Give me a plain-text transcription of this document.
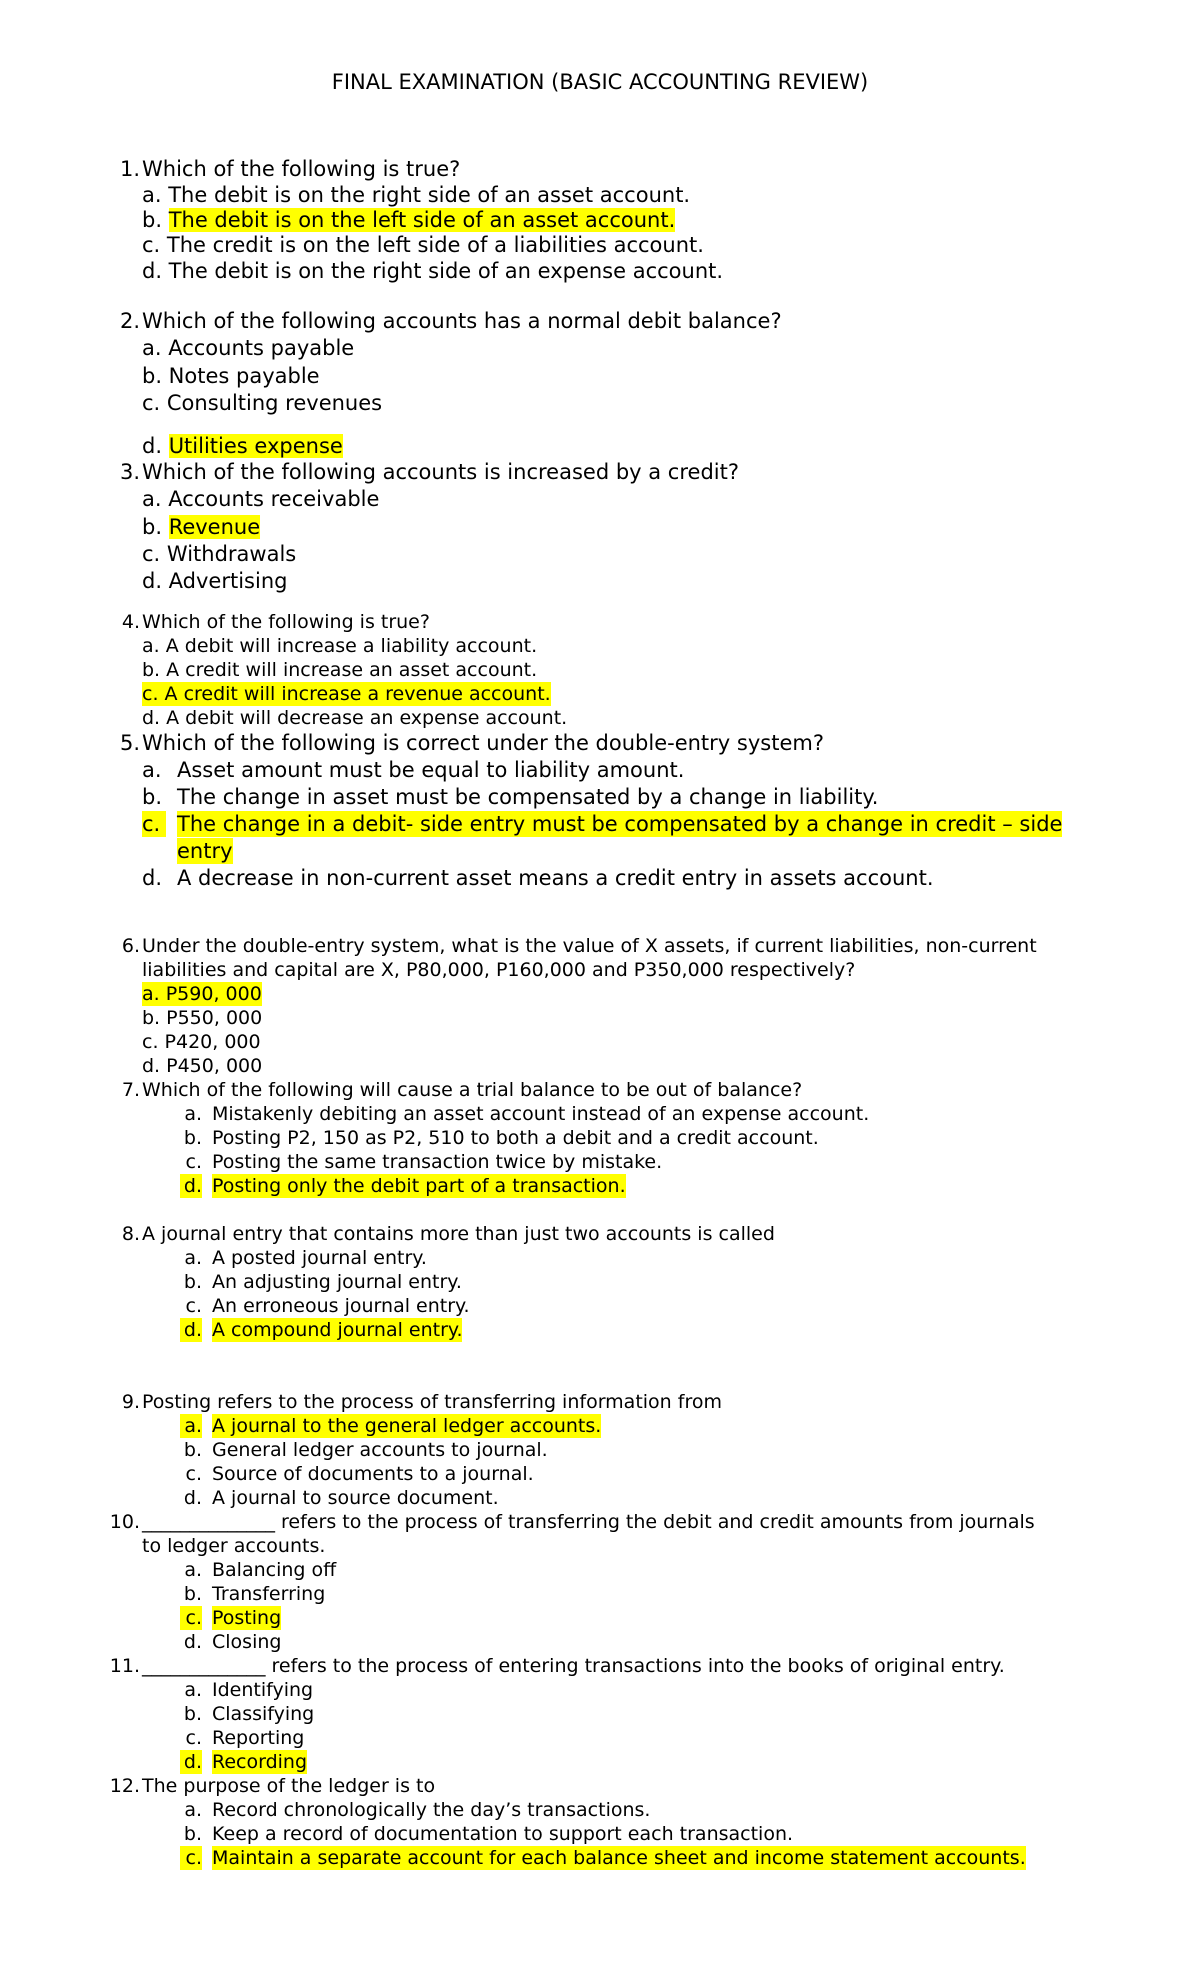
FINAL EXAMINATION (BASIC ACCOUNTING REVIEW)
1. Which of the following is true?
a. The debit is on the right side of an asset account.
b. The debit is on the left side of an asset account.
c. The credit is on the left side of a liabilities account.
d. The debit is on the right side of an expense account.
2. Which of the following accounts has a normal debit balance?
a. Accounts payable
b. Notes payable
c. Consulting revenues
d. Utilities expense
3. Which of the following accounts is increased by a credit?
a. Accounts receivable
b. Revenue
c. Withdrawals
d. Advertising
4. Which of the following is true?
a. A debit will increase a liability account.
b. A credit will increase an asset account.
c. A credit will increase a revenue account.
d. A debit will decrease an expense account.
5. Which of the following is correct under the double-entry system?
a. Asset amount must be equal to liability amount.
b. The change in asset must be compensated by a change in liability.
c. The change in a debit- side entry must be compensated by a change in credit – side
entry
d. A decrease in non-current asset means a credit entry in assets account.
6. Under the double-entry system, what is the value of X assets, if current liabilities, non-current
liabilities and capital are X, P80,000, P160,000 and P350,000 respectively?
a. P590, 000
b. P550, 000
c. P420, 000
d. P450, 000
7. Which of the following will cause a trial balance to be out of balance?
a. Mistakenly debiting an asset account instead of an expense account.
b. Posting P2, 150 as P2, 510 to both a debit and a credit account.
c. Posting the same transaction twice by mistake.
d. Posting only the debit part of a transaction.
8. A journal entry that contains more than just two accounts is called
a. A posted journal entry.
b. An adjusting journal entry.
c. An erroneous journal entry.
d. A compound journal entry.
9. Posting refers to the process of transferring information from
a. A journal to the general ledger accounts.
b. General ledger accounts to journal.
c. Source of documents to a journal.
d. A journal to source document.
10. ______________ refers to the process of transferring the debit and credit amounts from journals
to ledger accounts.
a. Balancing off
b. Transferring
c. Posting
d. Closing
11. _____________ refers to the process of entering transactions into the books of original entry.
a. Identifying
b. Classifying
c. Reporting
d. Recording
12. The purpose of the ledger is to
a. Record chronologically the day’s transactions.
b. Keep a record of documentation to support each transaction.
c. Maintain a separate account for each balance sheet and income statement accounts.
